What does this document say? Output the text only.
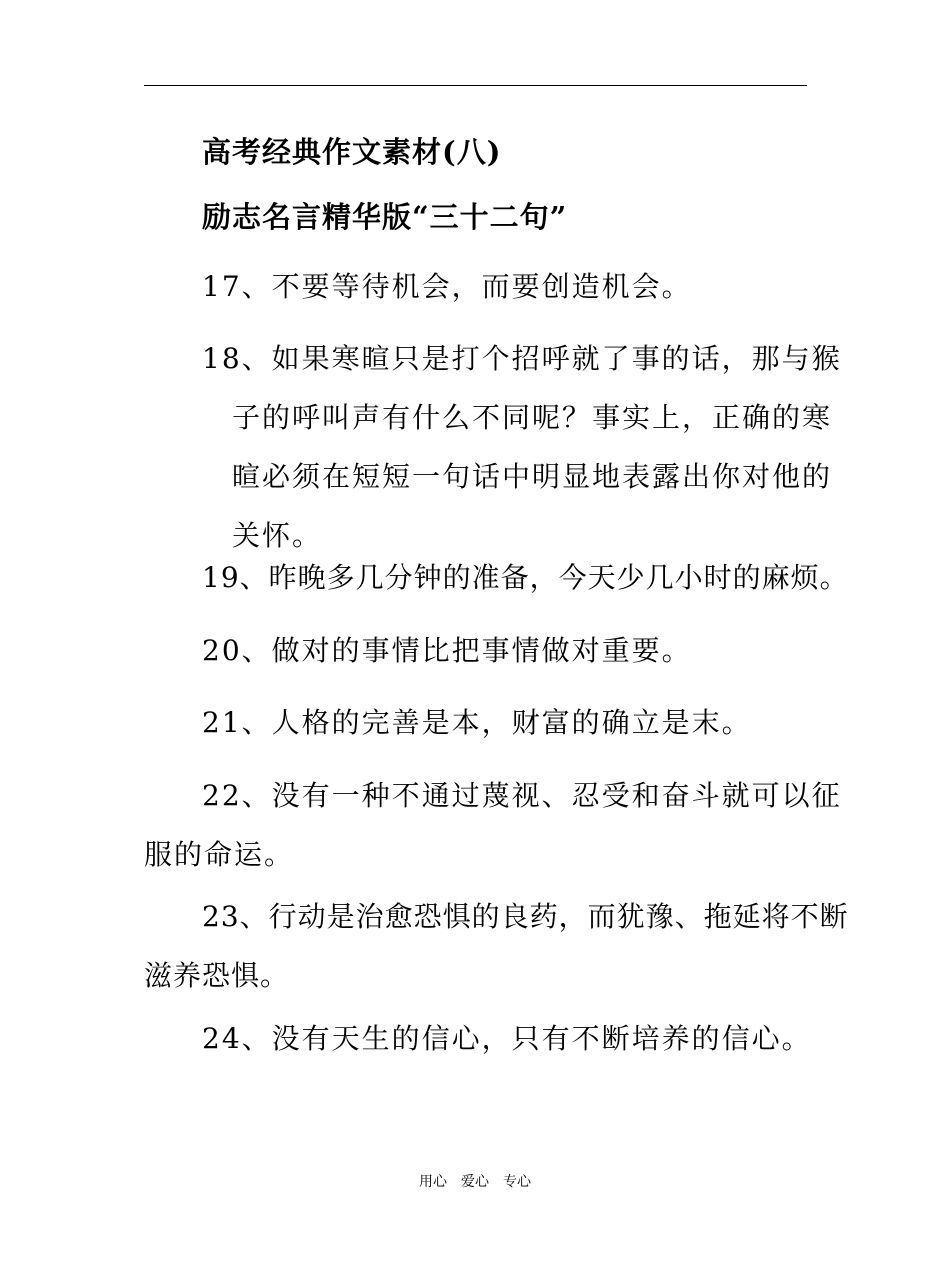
高考经典作文素材(八)
励志名言精华版“三十二句”
17、不要等待机会，而要创造机会。
18、如果寒暄只是打个招呼就了事的话，那与猴
子的呼叫声有什么不同呢？事实上，正确的寒
暄必须在短短一句话中明显地表露出你对他的
关怀。
19、昨晚多几分钟的准备，今天少几小时的麻烦。
20、做对的事情比把事情做对重要。
21、人格的完善是本，财富的确立是末。
22、没有一种不通过蔑视、忍受和奋斗就可以征
服的命运。
23、行动是治愈恐惧的良药，而犹豫、拖延将不断
滋养恐惧。
24、没有天生的信心，只有不断培养的信心。
用心　爱心　专心
